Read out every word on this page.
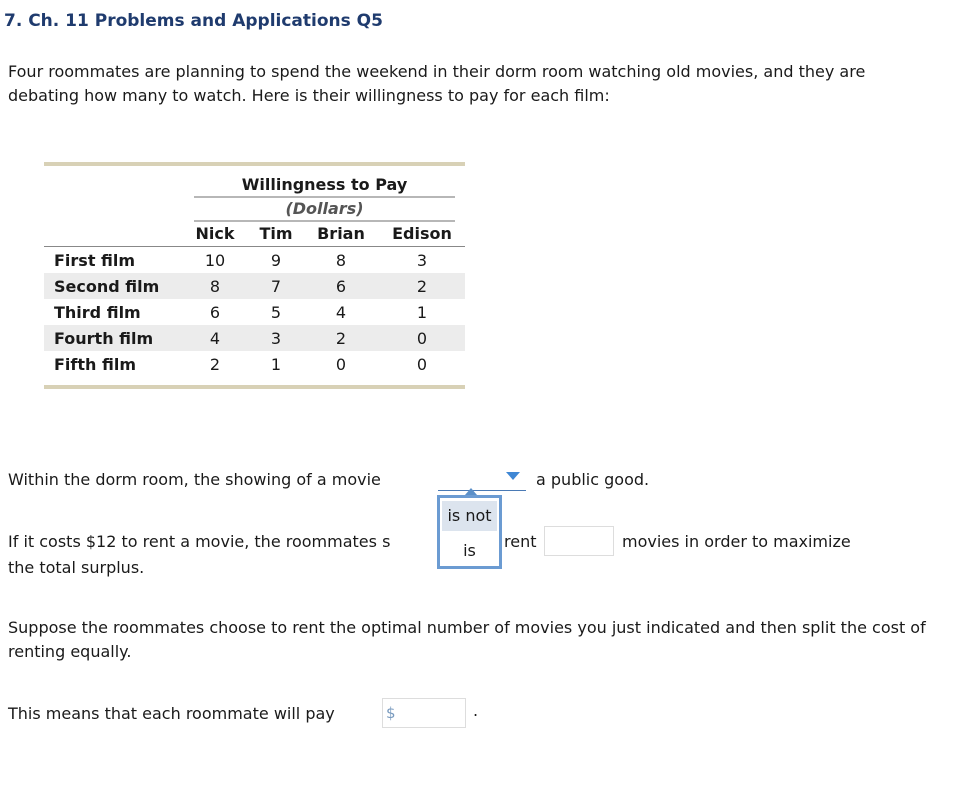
7. Ch. 11 Problems and Applications Q5
Four roommates are planning to spend the weekend in their dorm room watching old movies, and they are debating how many to watch. Here is their willingness to pay for each film:
Willingness to Pay
(Dollars)
Nick	Tim	Brian	Edison
First film	10	9	8	3
Second film	8	7	6	2
Third film	6	5	4	1
Fourth film	4	3	2	0
Fifth film	2	1	0	0
Within the dorm room, the showing of a movie	a public good.
If it costs $12 to rent a movie, the roommates s	rent	movies in order to maximize
the total surplus.
is not
is
Suppose the roommates choose to rent the optimal number of movies you just indicated and then split the cost of renting equally.
This means that each roommate will pay	$	.
